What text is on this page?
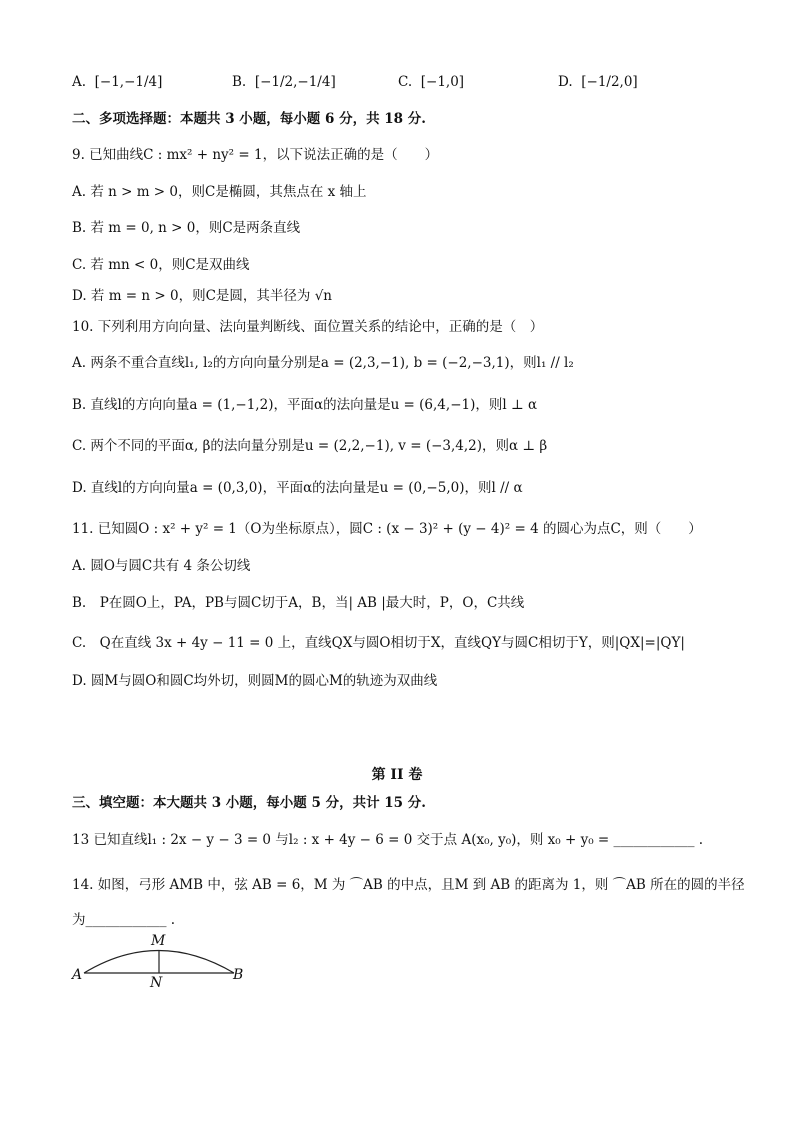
A. [−1,−1/4]	B. [−1/2,−1/4]	C. [−1,0]	D. [−1/2,0]
二、多项选择题：本题共 3 小题，每小题 6 分，共 18 分.
9. 已知曲线C : mx² + ny² = 1，以下说法正确的是（　　）
A. 若 n > m > 0，则C是椭圆，其焦点在 x 轴上
B. 若 m = 0, n > 0，则C是两条直线
C. 若 mn < 0，则C是双曲线
D. 若 m = n > 0，则C是圆，其半径为 √n
10. 下列利用方向向量、法向量判断线、面位置关系的结论中，正确的是（　）
A. 两条不重合直线l₁, l₂的方向向量分别是a = (2,3,−1), b = (−2,−3,1)，则l₁ // l₂
B. 直线l的方向向量a = (1,−1,2)，平面α的法向量是u = (6,4,−1)，则l ⊥ α
C. 两个不同的平面α, β的法向量分别是u = (2,2,−1), v = (−3,4,2)，则α ⊥ β
D. 直线l的方向向量a = (0,3,0)，平面α的法向量是u = (0,−5,0)，则l // α
11. 已知圆O : x² + y² = 1（O为坐标原点），圆C : (x − 3)² + (y − 4)² = 4 的圆心为点C，则（　　）
A. 圆O与圆C共有 4 条公切线
B.　P在圆O上，PA，PB与圆C切于A，B，当| AB |最大时，P，O，C共线
C.　Q在直线 3x + 4y − 11 = 0 上，直线QX与圆O相切于X，直线QY与圆C相切于Y，则|QX|=|QY|
D. 圆M与圆O和圆C均外切，则圆M的圆心M的轨迹为双曲线
第 II 卷
三、填空题：本大题共 3 小题，每小题 5 分，共计 15 分.
13 已知直线l₁ : 2x − y − 3 = 0 与l₂ : x + 4y − 6 = 0 交于点 A(x₀, y₀)，则 x₀ + y₀ = ____________ .
14. 如图，弓形 AMB 中，弦 AB = 6，M 为 ⌒AB 的中点，且M 到 AB 的距离为 1，则 ⌒AB 所在的圆的半径
为____________ .
M
A	N	B
